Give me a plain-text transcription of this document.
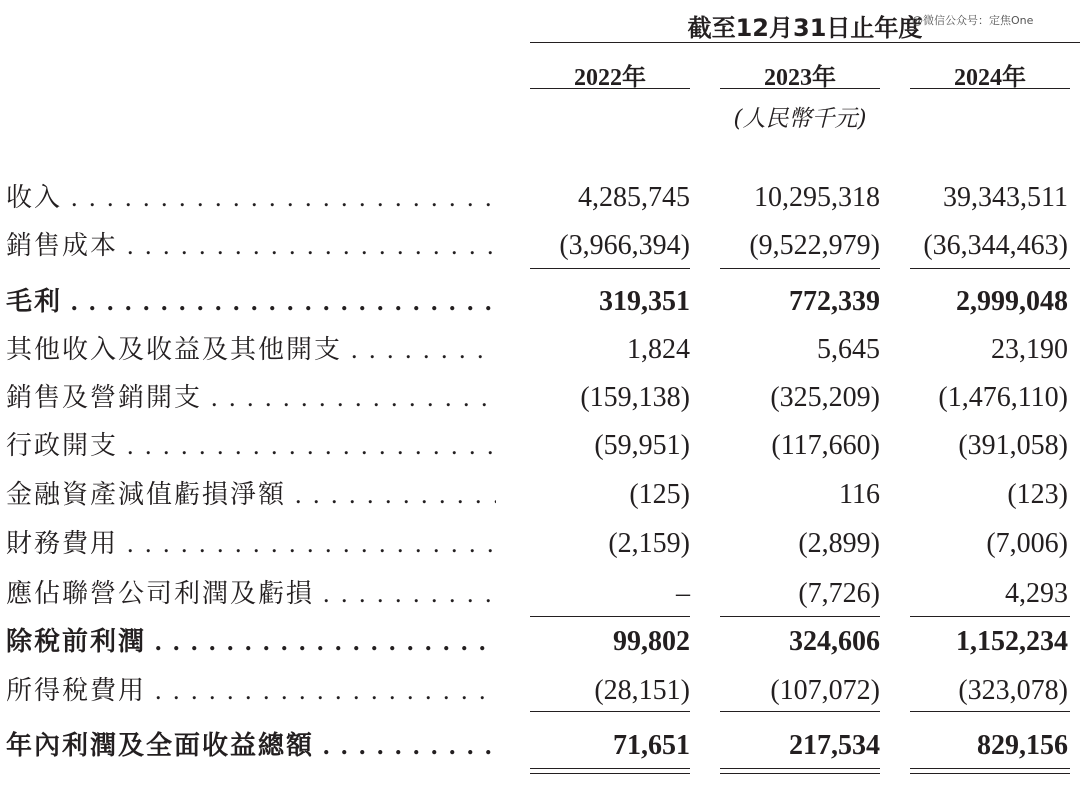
截至12月31日止年度
@微信公众号：定焦One
2022年	2023年	2024年
(人民幣千元)
收入 . . .	4,285,745	10,295,318	39,343,511
銷售成本 . . .	(3,966,394)	(9,522,979)	(36,344,463)
毛利 . . .	319,351	772,339	2,999,048
其他收入及收益及其他開支 . . .	1,824	5,645	23,190
銷售及營銷開支 . . .	(159,138)	(325,209)	(1,476,110)
行政開支 . . .	(59,951)	(117,660)	(391,058)
金融資產減值虧損淨額 . . .	(125)	116	(123)
財務費用 . . .	(2,159)	(2,899)	(7,006)
應佔聯營公司利潤及虧損 . . .	–	(7,726)	4,293
除稅前利潤 . . .	99,802	324,606	1,152,234
所得稅費用 . . .	(28,151)	(107,072)	(323,078)
年內利潤及全面收益總額 . . .	71,651	217,534	829,156
